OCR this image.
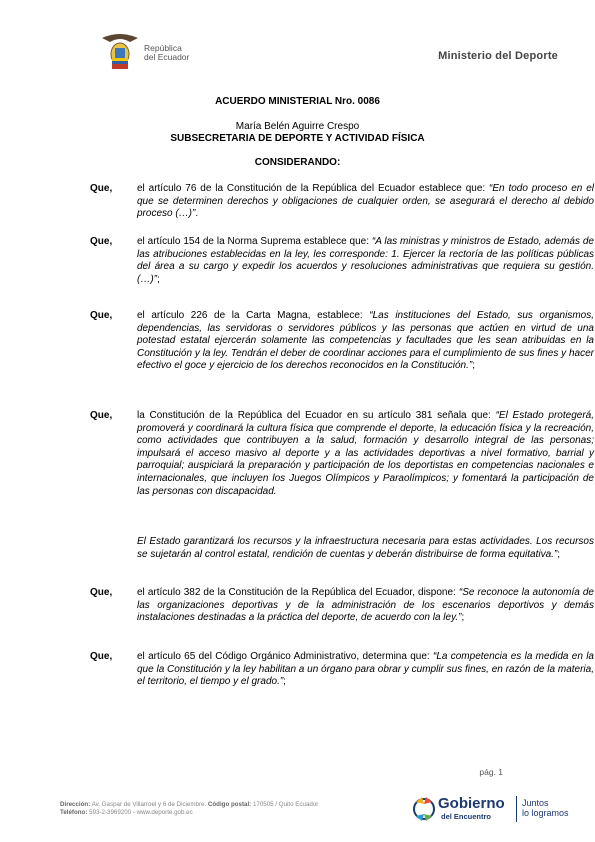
República
del Ecuador	Ministerio del Deporte
ACUERDO MINISTERIAL Nro. 0086
María Belén Aguirre Crespo
SUBSECRETARIA DE DEPORTE Y ACTIVIDAD FÍSICA
CONSIDERANDO:
Que, el artículo 76 de la Constitución de la República del Ecuador establece que: “En todo proceso en el que se determinen derechos y obligaciones de cualquier orden, se asegurará el derecho al debido proceso (…)”.
Que, el artículo 154 de la Norma Suprema establece que: “A las ministras y ministros de Estado, además de las atribuciones establecidas en la ley, les corresponde: 1. Ejercer la rectoría de las políticas públicas del área a su cargo y expedir los acuerdos y resoluciones administrativas que requiera su gestión. (…)”;
Que, el artículo 226 de la Carta Magna, establece: “Las instituciones del Estado, sus organismos, dependencias, las servidoras o servidores públicos y las personas que actúen en virtud de una potestad estatal ejercerán solamente las competencias y facultades que les sean atribuidas en la Constitución y la ley. Tendrán el deber de coordinar acciones para el cumplimiento de sus fines y hacer efectivo el goce y ejercicio de los derechos reconocidos en la Constitución.”;
Que, la Constitución de la República del Ecuador en su artículo 381 señala que: “El Estado protegerá, promoverá y coordinará la cultura física que comprende el deporte, la educación física y la recreación, como actividades que contribuyen a la salud, formación y desarrollo integral de las personas; impulsará el acceso masivo al deporte y a las actividades deportivas a nivel formativo, barrial y parroquial; auspiciará la preparación y participación de los deportistas en competencias nacionales e internacionales, que incluyen los Juegos Olímpicos y Paraolímpicos; y fomentará la participación de las personas con discapacidad.
El Estado garantizará los recursos y la infraestructura necesaria para estas actividades. Los recursos se sujetarán al control estatal, rendición de cuentas y deberán distribuirse de forma equitativa.”;
Que, el artículo 382 de la Constitución de la República del Ecuador, dispone: “Se reconoce la autonomía de las organizaciones deportivas y de la administración de los escenarios deportivos y demás instalaciones destinadas a la práctica del deporte, de acuerdo con la ley.”;
Que, el artículo 65 del Código Orgánico Administrativo, determina que: “La competencia es la medida en la que la Constitución y la ley habilitan a un órgano para obrar y cumplir sus fines, en razón de la materia, el territorio, el tiempo y el grado.”;
pág. 1
Dirección: Av. Gaspar de Villarroel y 6 de Diciembre. Código postal: 170505 / Quito Ecuador
Teléfono: 593-2-3969200 - www.deporte.gob.ec
Gobierno
del Encuentro
Juntos
lo logramos
